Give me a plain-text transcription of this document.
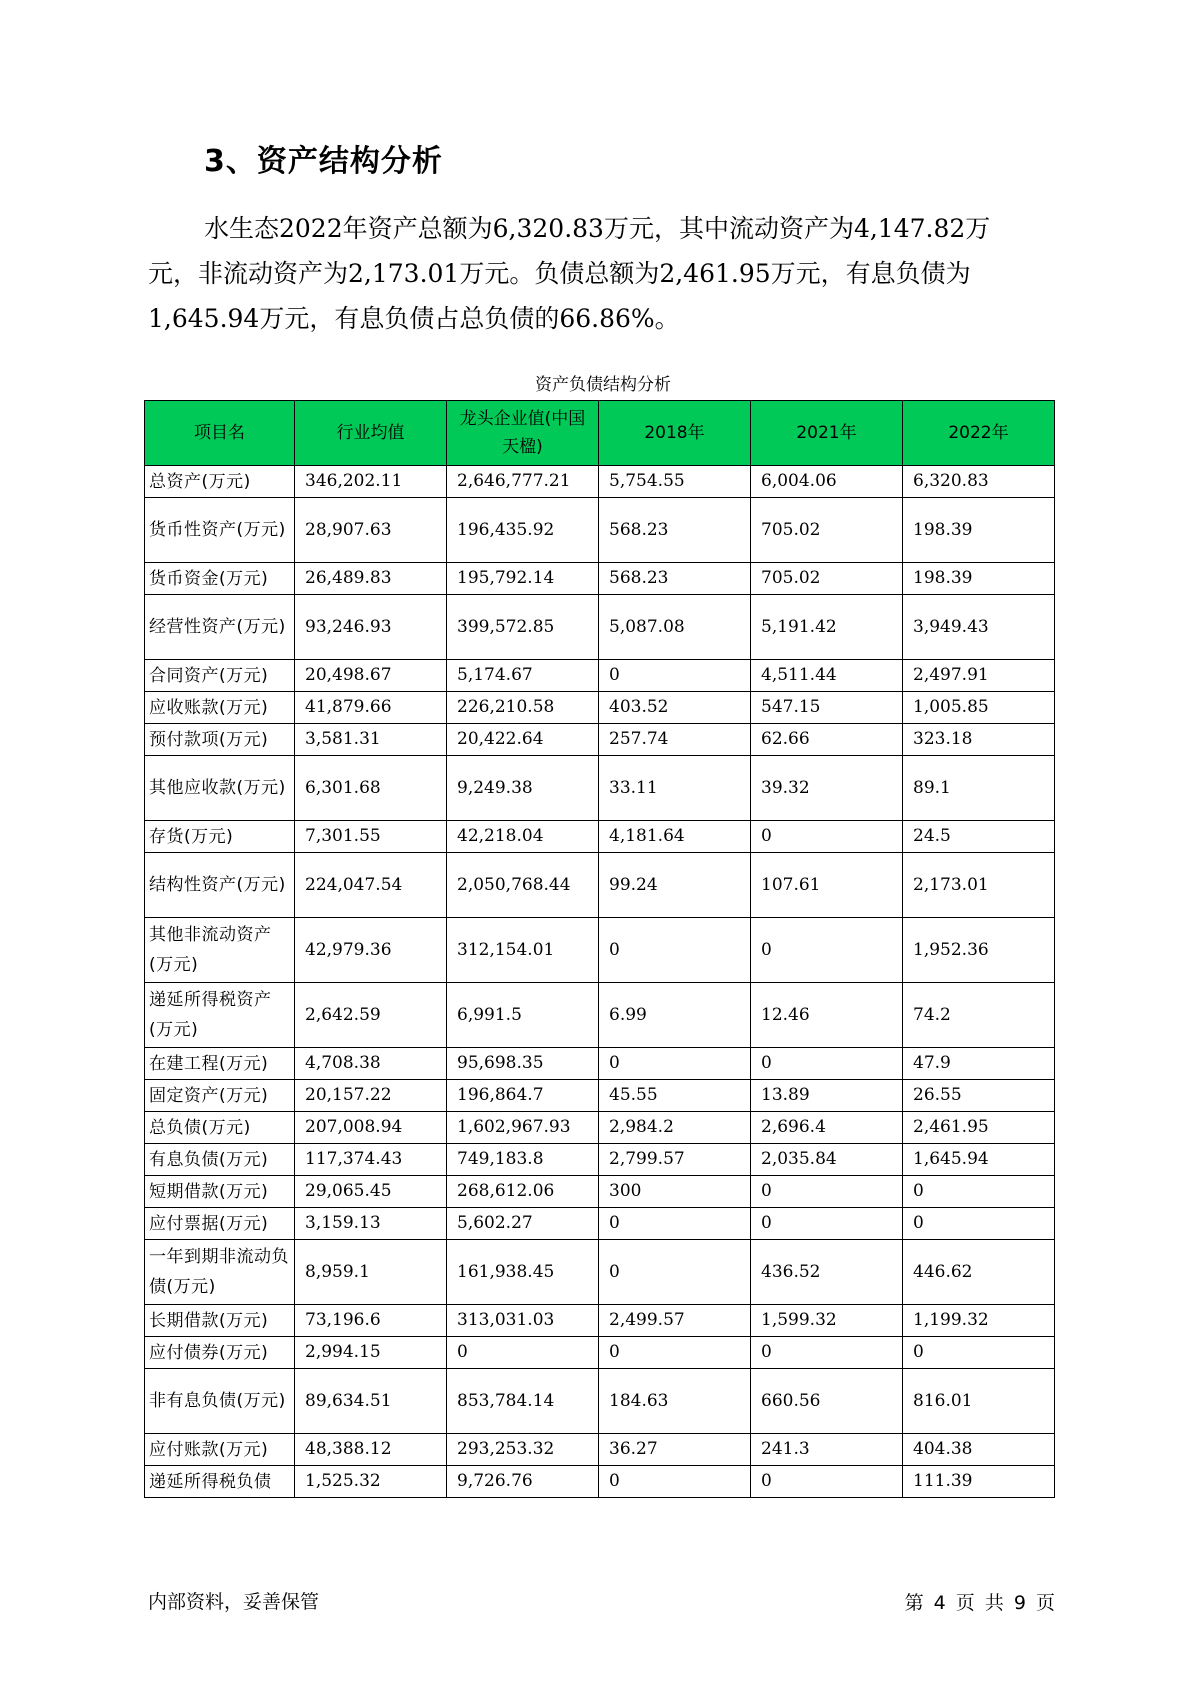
3、资产结构分析
水生态2022年资产总额为6,320.83万元，其中流动资产为4,147.82万
元，非流动资产为2,173.01万元。负债总额为2,461.95万元，有息负债为
1,645.94万元，有息负债占总负债的66.86%。
资产负债结构分析
项目名	行业均值	龙头企业值(中国天楹)	2018年	2021年	2022年
总资产(万元)	346,202.11	2,646,777.21	5,754.55	6,004.06	6,320.83
货币性资产(万元)	28,907.63	196,435.92	568.23	705.02	198.39
货币资金(万元)	26,489.83	195,792.14	568.23	705.02	198.39
经营性资产(万元)	93,246.93	399,572.85	5,087.08	5,191.42	3,949.43
合同资产(万元)	20,498.67	5,174.67	0	4,511.44	2,497.91
应收账款(万元)	41,879.66	226,210.58	403.52	547.15	1,005.85
预付款项(万元)	3,581.31	20,422.64	257.74	62.66	323.18
其他应收款(万元)	6,301.68	9,249.38	33.11	39.32	89.1
存货(万元)	7,301.55	42,218.04	4,181.64	0	24.5
结构性资产(万元)	224,047.54	2,050,768.44	99.24	107.61	2,173.01
其他非流动资产(万元)	42,979.36	312,154.01	0	0	1,952.36
递延所得税资产(万元)	2,642.59	6,991.5	6.99	12.46	74.2
在建工程(万元)	4,708.38	95,698.35	0	0	47.9
固定资产(万元)	20,157.22	196,864.7	45.55	13.89	26.55
总负债(万元)	207,008.94	1,602,967.93	2,984.2	2,696.4	2,461.95
有息负债(万元)	117,374.43	749,183.8	2,799.57	2,035.84	1,645.94
短期借款(万元)	29,065.45	268,612.06	300	0	0
应付票据(万元)	3,159.13	5,602.27	0	0	0
一年到期非流动负债(万元)	8,959.1	161,938.45	0	436.52	446.62
长期借款(万元)	73,196.6	313,031.03	2,499.57	1,599.32	1,199.32
应付债券(万元)	2,994.15	0	0	0	0
非有息负债(万元)	89,634.51	853,784.14	184.63	660.56	816.01
应付账款(万元)	48,388.12	293,253.32	36.27	241.3	404.38
递延所得税负债	1,525.32	9,726.76	0	0	111.39
内部资料，妥善保管	第 4 页 共 9 页
